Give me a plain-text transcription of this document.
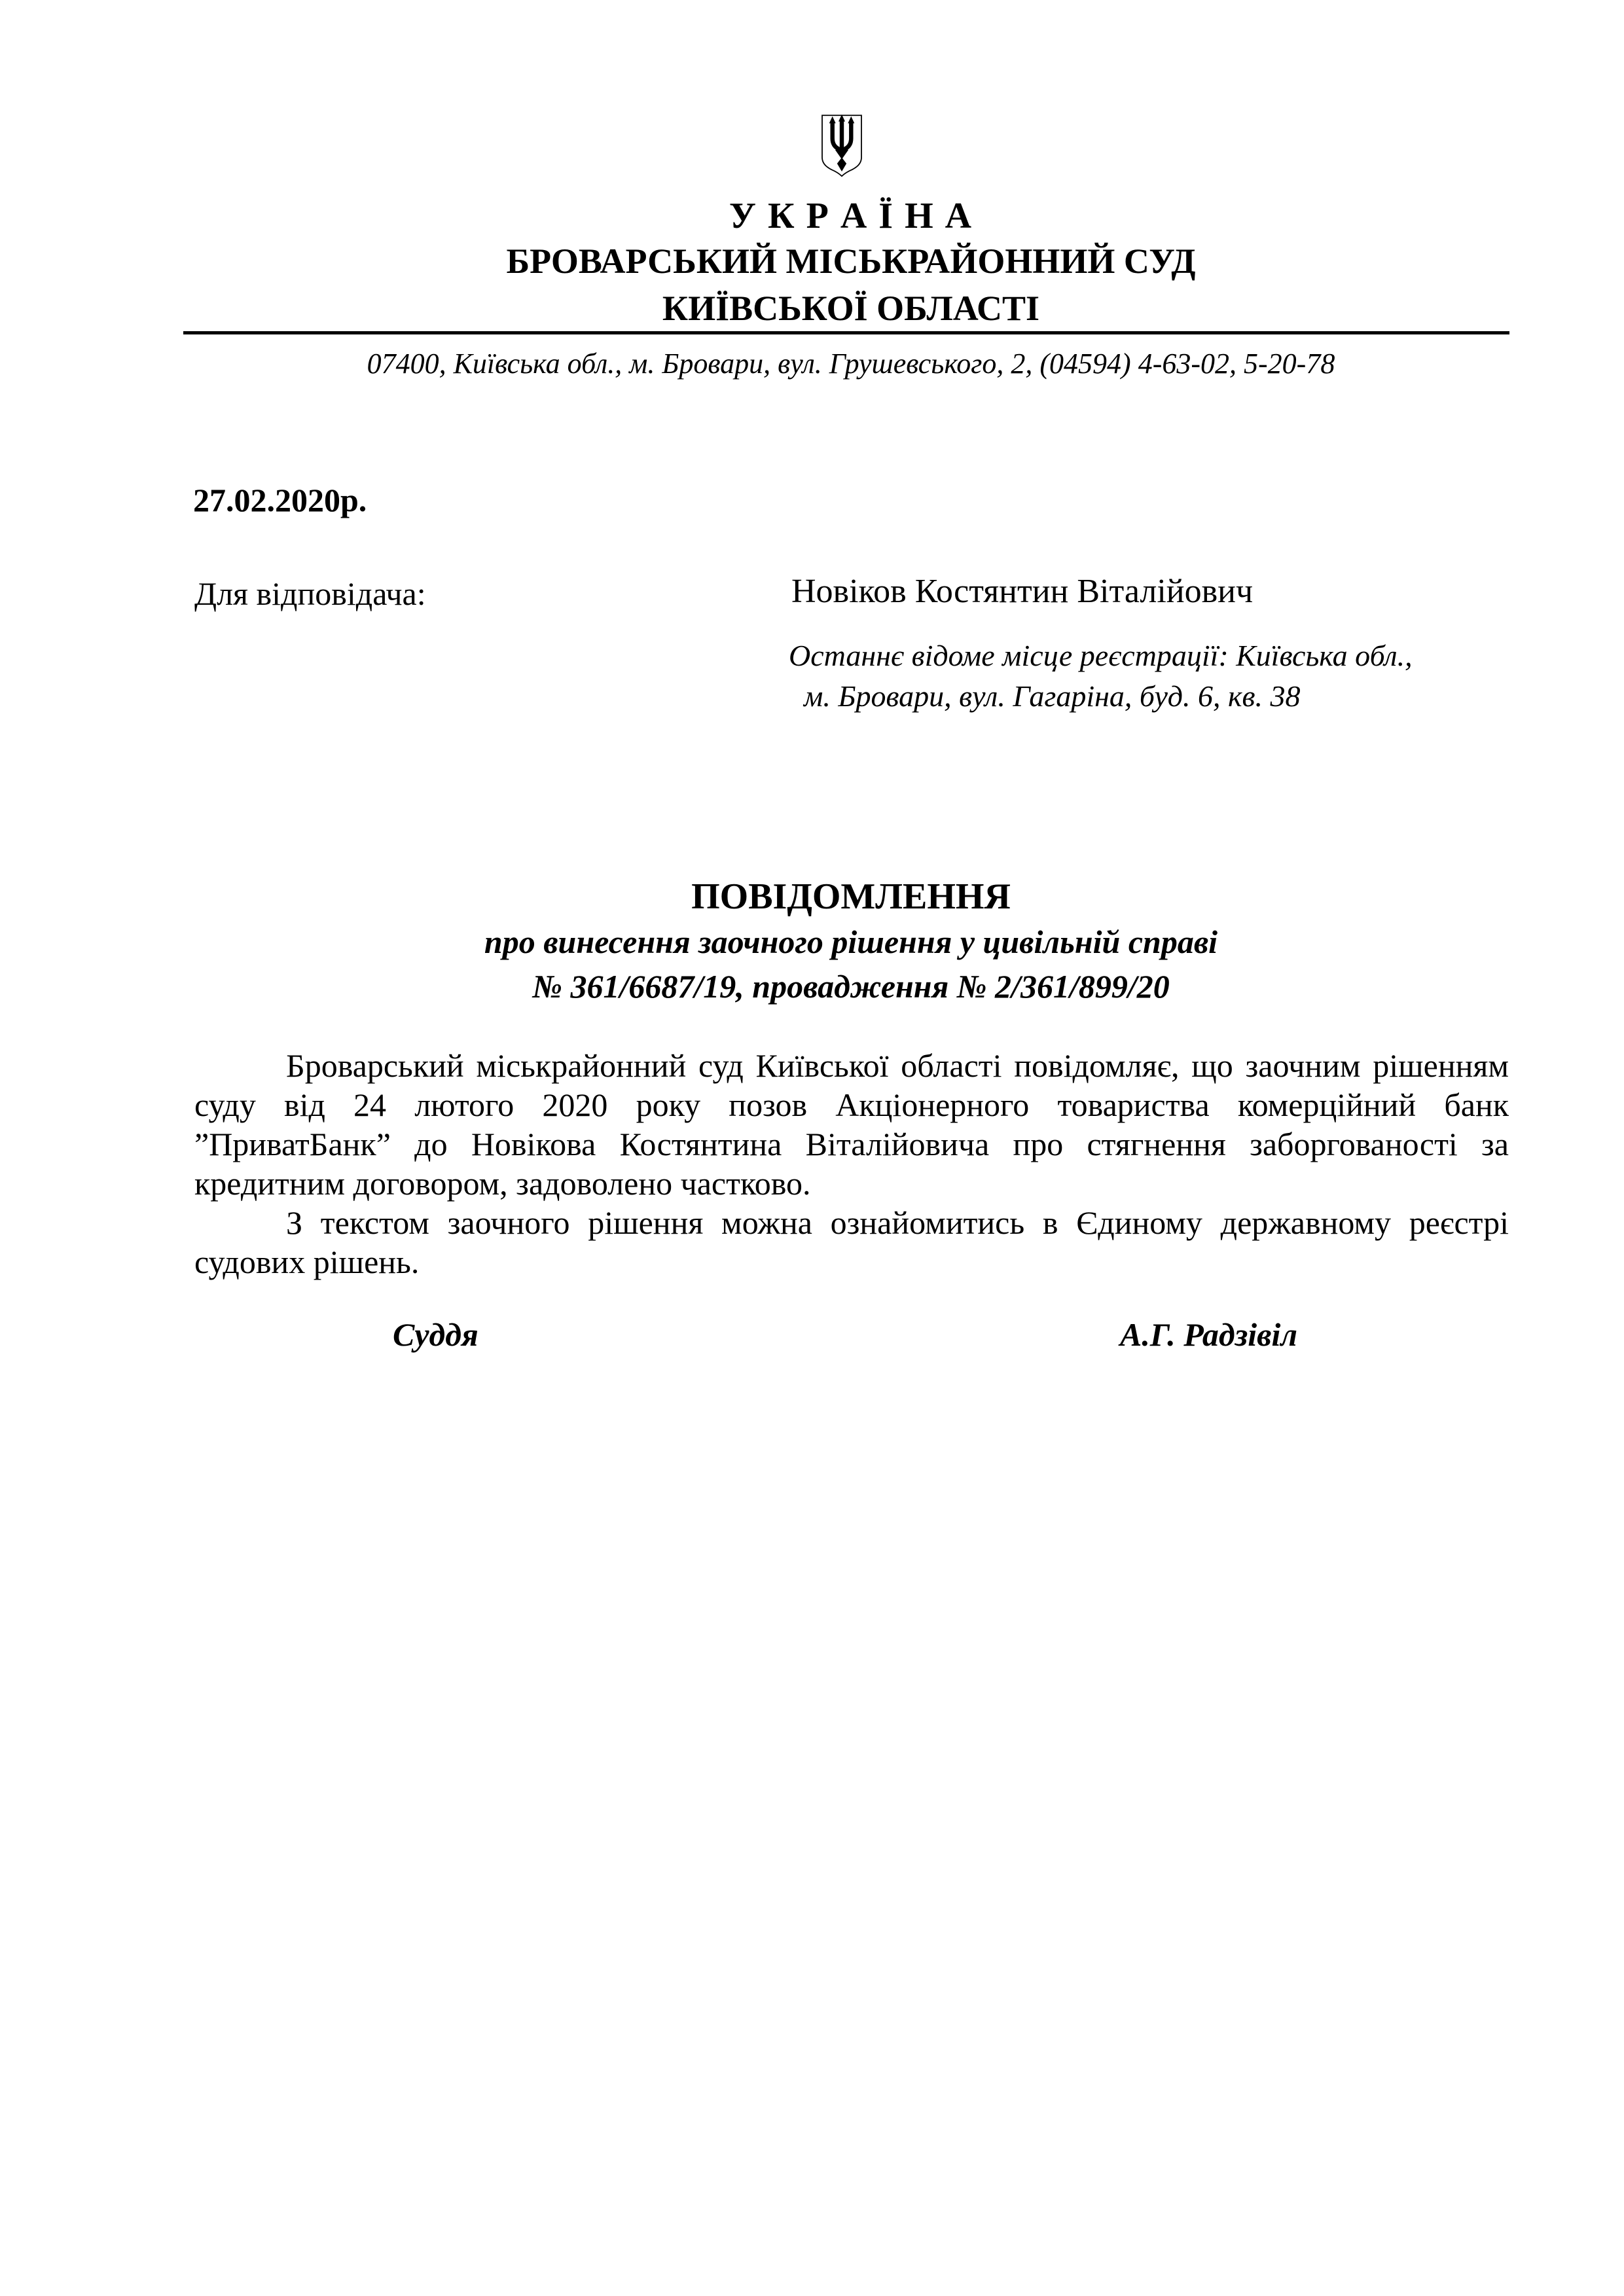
У К Р А Ї Н А
БРОВАРСЬКИЙ МІСЬКРАЙОННИЙ СУД
КИЇВСЬКОЇ ОБЛАСТІ
07400, Київська обл., м. Бровари, вул. Грушевського, 2, (04594) 4-63-02, 5-20-78
27.02.2020р.
Для відповідача:	Новіков Костянтин Віталійович
Останнє відоме місце реєстрації: Київська обл.,
м. Бровари, вул. Гагаріна, буд. 6, кв. 38
ПОВІДОМЛЕННЯ
про винесення заочного рішення у цивільній справі
№ 361/6687/19, провадження № 2/361/899/20

Броварський міськрайонний суд Київської області повідомляє, що заочним рішенням суду від 24 лютого 2020 року позов Акціонерного товариства комерційний банк ”ПриватБанк” до Новікова Костянтина Віталійовича про стягнення заборгованості за кредитним договором, задоволено частково.

З текстом заочного рішення можна ознайомитись в Єдиному державному реєстрі судових рішень.

Суддя	А.Г. Радзівіл
